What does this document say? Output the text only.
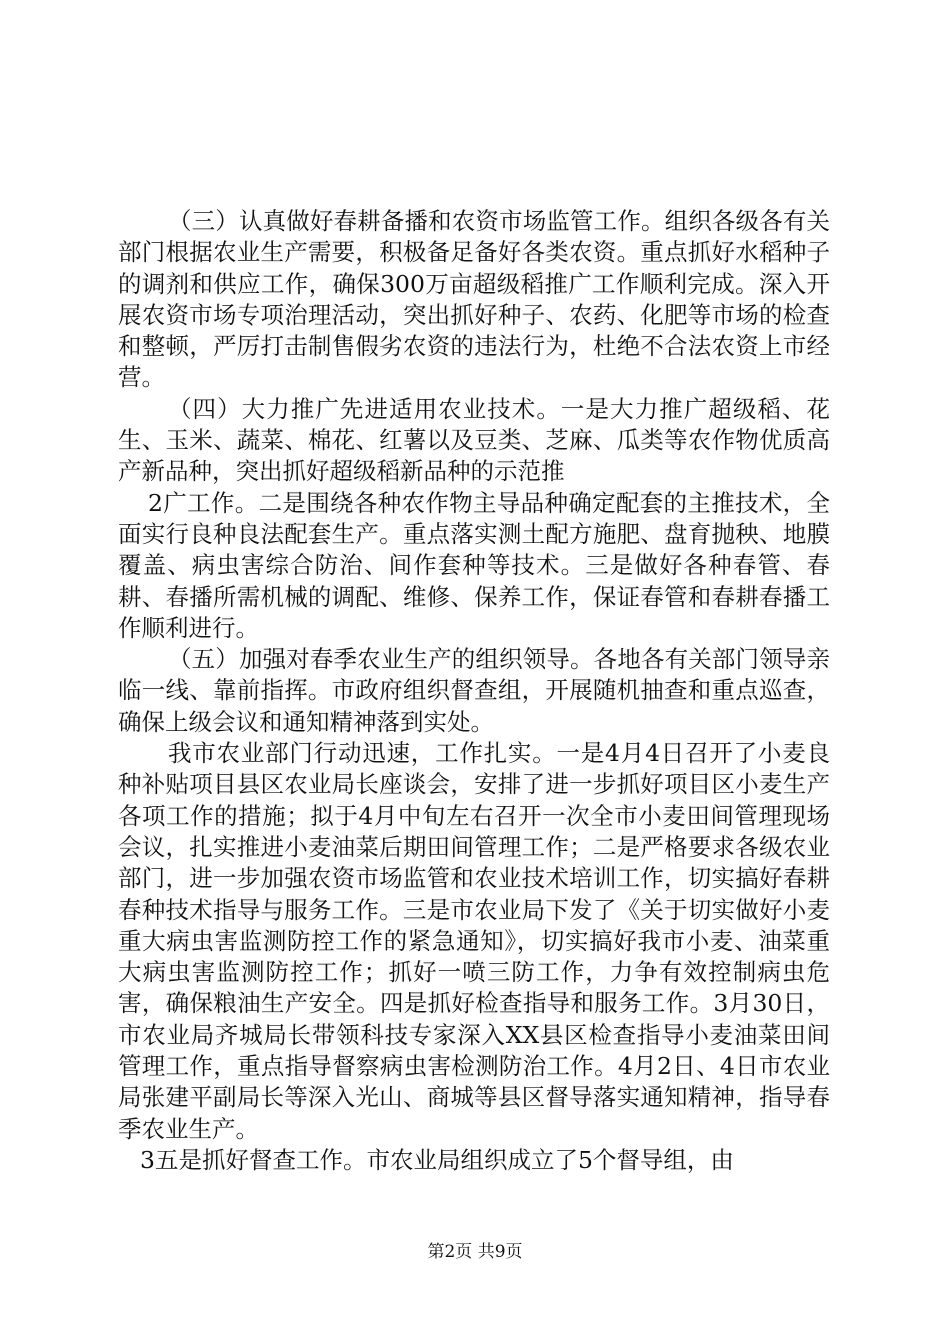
（三）认真做好春耕备播和农资市场监管工作。组织各级各有关部门根据农业生产需要，积极备足备好各类农资。重点抓好水稻种子的调剂和供应工作，确保300万亩超级稻推广工作顺利完成。深入开展农资市场专项治理活动，突出抓好种子、农药、化肥等市场的检查和整顿，严厉打击制售假劣农资的违法行为，杜绝不合法农资上市经营。

（四）大力推广先进适用农业技术。一是大力推广超级稻、花生、玉米、蔬菜、棉花、红薯以及豆类、芝麻、瓜类等农作物优质高产新品种，突出抓好超级稻新品种的示范推

2广工作。二是围绕各种农作物主导品种确定配套的主推技术，全面实行良种良法配套生产。重点落实测土配方施肥、盘育抛秧、地膜覆盖、病虫害综合防治、间作套种等技术。三是做好各种春管、春耕、春播所需机械的调配、维修、保养工作，保证春管和春耕春播工作顺利进行。

（五）加强对春季农业生产的组织领导。各地各有关部门领导亲临一线、靠前指挥。市政府组织督查组，开展随机抽查和重点巡查，确保上级会议和通知精神落到实处。

我市农业部门行动迅速，工作扎实。一是4月4日召开了小麦良种补贴项目县区农业局长座谈会，安排了进一步抓好项目区小麦生产各项工作的措施；拟于4月中旬左右召开一次全市小麦田间管理现场会议，扎实推进小麦油菜后期田间管理工作；二是严格要求各级农业部门，进一步加强农资市场监管和农业技术培训工作，切实搞好春耕春种技术指导与服务工作。三是市农业局下发了《关于切实做好小麦重大病虫害监测防控工作的紧急通知》，切实搞好我市小麦、油菜重大病虫害监测防控工作；抓好一喷三防工作，力争有效控制病虫危害，确保粮油生产安全。四是抓好检查指导和服务工作。3月30日，市农业局齐城局长带领科技专家深入XX县区检查指导小麦油菜田间管理工作，重点指导督察病虫害检测防治工作。4月2日、4日市农业局张建平副局长等深入光山、商城等县区督导落实通知精神，指导春季农业生产。

3五是抓好督查工作。市农业局组织成立了5个督导组，由

第2页 共9页
